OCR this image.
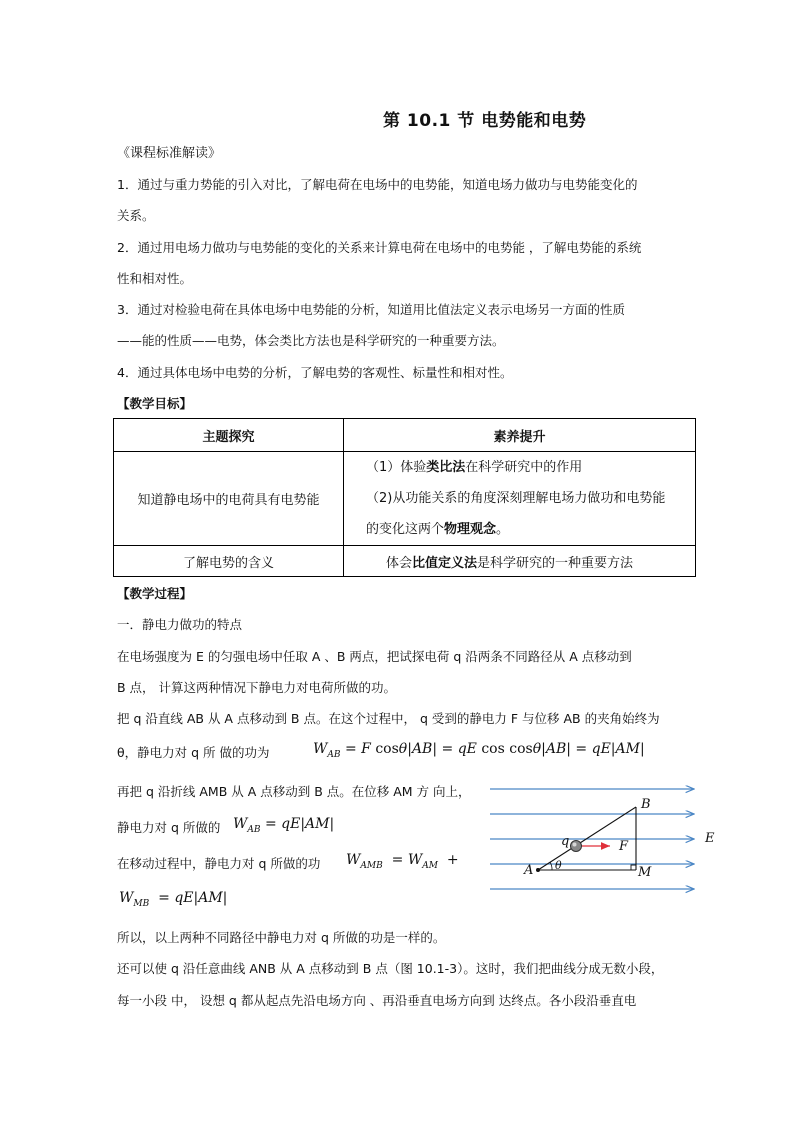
第 10.1 节 电势能和电势
《课程标准解读》
1．通过与重力势能的引入对比，了解电荷在电场中的电势能，知道电场力做功与电势能变化的
关系。
2．通过用电场力做功与电势能的变化的关系来计算电荷在电场中的电势能 ，了解电势能的系统
性和相对性。
3．通过对检验电荷在具体电场中电势能的分析，知道用比值法定义表示电场另一方面的性质
——能的性质——电势，体会类比方法也是科学研究的一种重要方法。
4．通过具体电场中电势的分析，了解电势的客观性、标量性和相对性。
【教学目标】
主题探究	素养提升
知道静电场中的电荷具有电势能	（1）体验类比法在科学研究中的作用
（2)从功能关系的角度深刻理解电场力做功和电势能
的变化这两个物理观念。

了解电势的含义	体会比值定义法是科学研究的一种重要方法
【教学过程】
一．静电力做功的特点
在电场强度为 E 的匀强电场中任取 A 、B 两点，把试探电荷 q 沿两条不同路径从 A 点移动到
B 点， 计算这两种情况下静电力对电荷所做的功。
把 q 沿直线 AB 从 A 点移动到 B 点。在这个过程中， q 受到的静电力 F 与位移 AB 的夹角始终为
θ，静电力对 q 所 做的功为	$W_{AB} = F$ cosθ|AB| = qE cos cosθ|AB| = qE|AM|
再把 q 沿折线 AMB 从 A 点移动到 B 点。在位移 AM 方 向上，
静电力对 q 所做的 $W_{AB} = qE|AM|$
在移动过程中，静电力对 q 所做的功 $W_{AMB} = W_{AM}$ +
$W_{MB} = qE|AM|$
所以，以上两种不同路径中静电力对 q 所做的功是一样的。
还可以使 q 沿任意曲线 ANB 从 A 点移动到 B 点（图 10.1-3）。这时，我们把曲线分成无数小段，
每一小段 中， 设想 q 都从起点先沿电场方向 、再沿垂直电场方向到 达终点。各小段沿垂直电
A
B
M
q	F
θ
E
